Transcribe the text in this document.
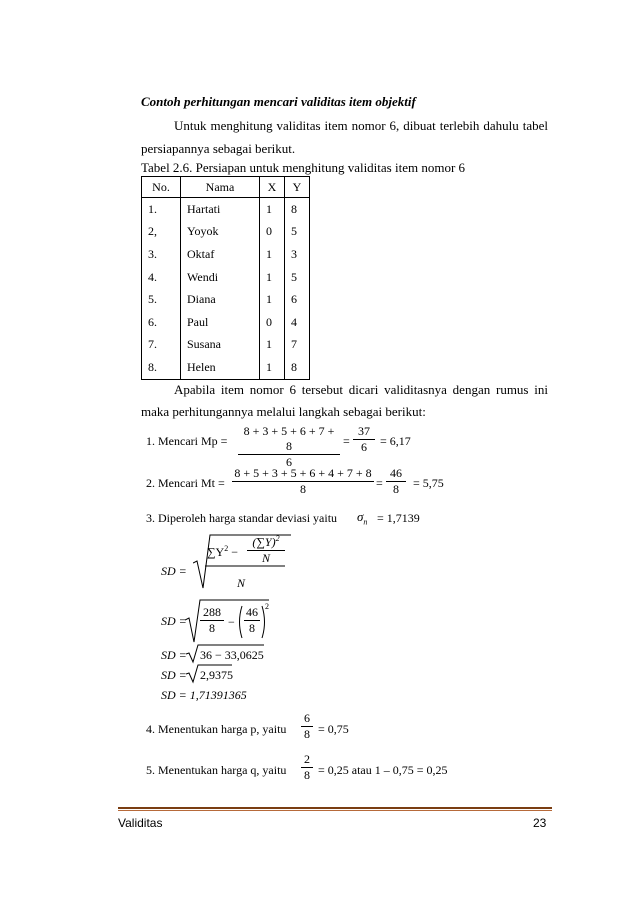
Contoh perhitungan mencari validitas item objektif
Untuk menghitung validitas item nomor 6, dibuat terlebih dahulu tabel
persiapannya sebagai berikut.
Tabel 2.6. Persiapan untuk menghitung validitas item nomor 6
No.	Nama	X	Y
1.	Hartati	1	8
2,	Yoyok	0	5
3.	Oktaf	1	3
4.	Wendi	1	5
5.	Diana	1	6
6.	Paul	0	4
7.	Susana	1	7
8.	Helen	1	8
Apabila item nomor 6 tersebut dicari validitasnya dengan rumus ini
maka perhitungannya melalui langkah sebagai berikut:
1. Mencari Mp =
8 + 3 + 5 + 6 + 7 + 8
6
=
37
6	= 6,17
2. Mencari Mt =
8 + 5 + 3 + 5 + 6 + 4 + 7 + 8
8	=
46
8	= 5,75
3. Diperoleh harga standar deviasi yaitu $\sigma_n = 1,7139$
SD =
$\sum Y^2$ −
$(\sum Y)^2$
N
N
SD =
2
288
8	−
46
8
SD = 36 − 33,0625
SD = 2,9375
SD = 1,71391365
4. Menentukan harga p, yaitu
6
8 = 0,75
5. Menentukan harga q, yaitu
2
8 = 0,25 atau 1 – 0,75 = 0,25
Validitas	23
